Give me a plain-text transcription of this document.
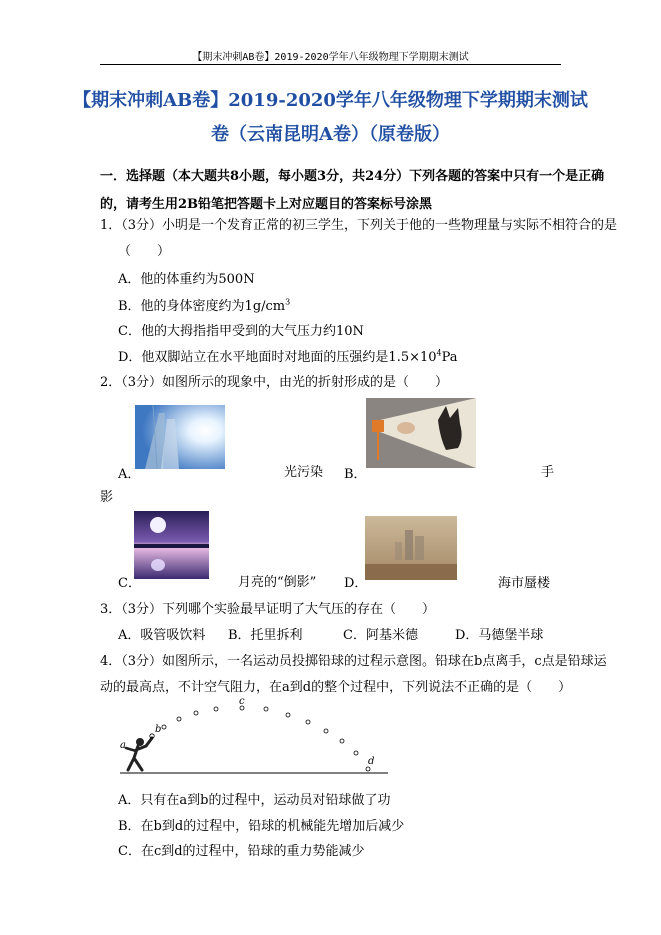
【期末冲刺AB卷】2019-2020学年八年级物理下学期期末测试
【期末冲刺AB卷】2019-2020学年八年级物理下学期期末测试
卷（云南昆明A卷）（原卷版）
一．选择题（本大题共8小题，每小题3分，共24分）下列各题的答案中只有一个是正确
的，请考生用2B铅笔把答题卡上对应题目的答案标号涂黑
1．（3分）小明是一个发育正常的初三学生，下列关于他的一些物理量与实际不相符合的是
（　　）
A．他的体重约为500N
B．他的身体密度约为$1g/cm^3$
C．他的大拇指指甲受到的大气压力约10N
D．他双脚站立在水平地面时对地面的压强约是$1.5\times 10^4Pa$
2．（3分）如图所示的现象中，由光的折射形成的是（　　）
A．	光污染 B．	手
影
C．	月亮的“倒影” D．	海市蜃楼
3．（3分）下列哪个实验最早证明了大气压的存在（　　）
A．吸管吸饮料 B．托里拆利	C．阿基米德	D．马德堡半球
4．（3分）如图所示，一名运动员投掷铅球的过程示意图。铅球在b点离手，c点是铅球运
动的最高点，不计空气阻力，在a到d的整个过程中，下列说法不正确的是（　　）
a
b
c
d
A．只有在a到b的过程中，运动员对铅球做了功
B．在b到d的过程中，铅球的机械能先增加后减少
C．在c到d的过程中，铅球的重力势能减少
